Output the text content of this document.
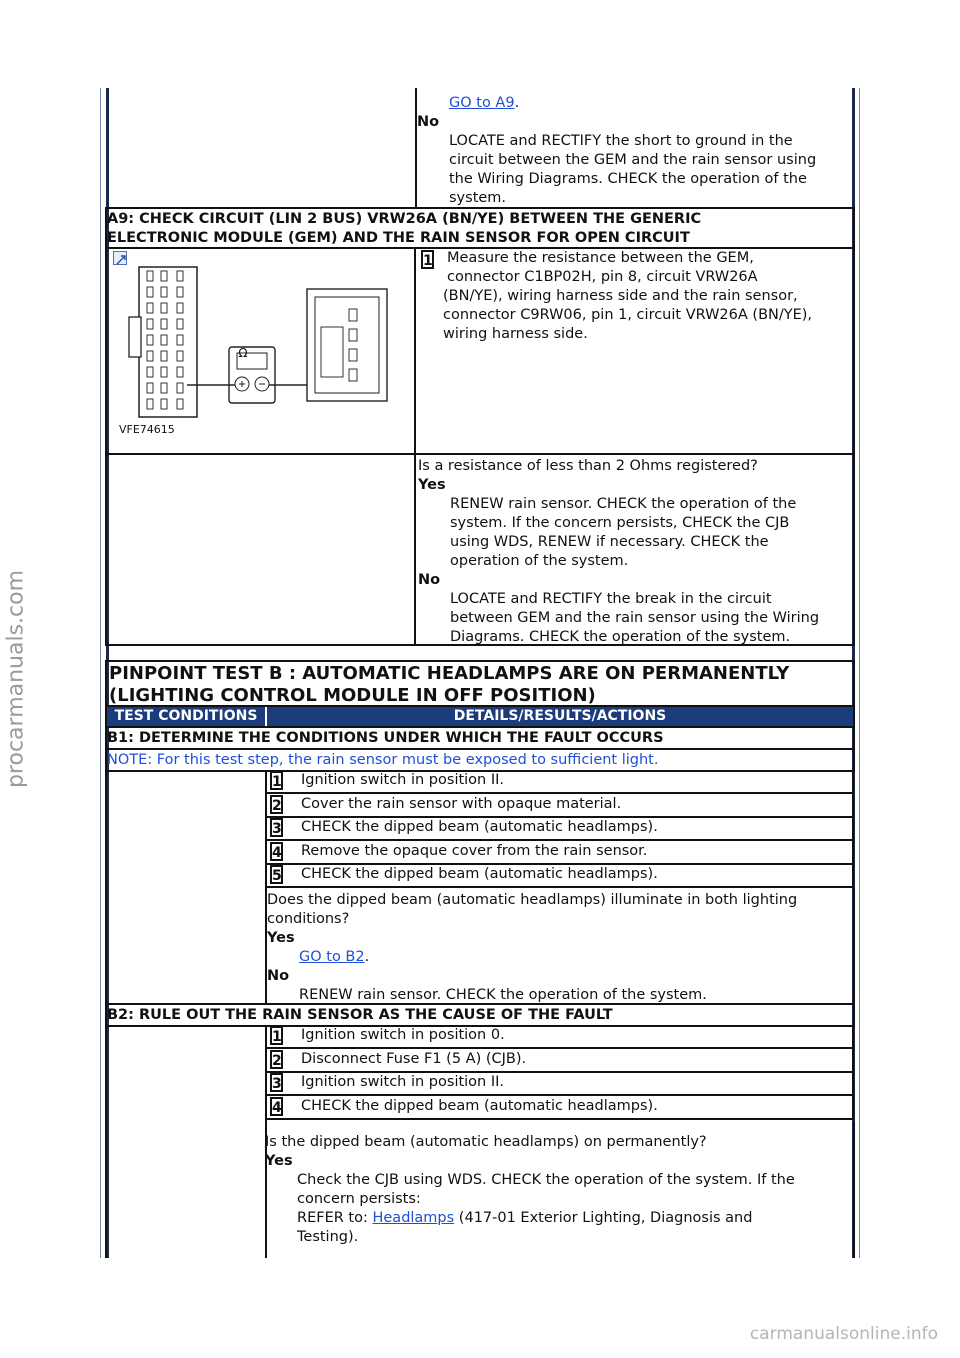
procarmanuals.com
GO to A9.
No
LOCATE and RECTIFY the short to ground in the
circuit between the GEM and the rain sensor using
the Wiring Diagrams. CHECK the operation of the
system.
A9: CHECK CIRCUIT (LIN 2 BUS) VRW26A (BN/YE) BETWEEN THE GENERIC
ELECTRONIC MODULE (GEM) AND THE RAIN SENSOR FOR OPEN CIRCUIT
VFE74615
Ω
1 Measure the resistance between the GEM,
connector C1BP02H, pin 8, circuit VRW26A
(BN/YE), wiring harness side and the rain sensor,
connector C9RW06, pin 1, circuit VRW26A (BN/YE),
wiring harness side.
Is a resistance of less than 2 Ohms registered?
Yes
RENEW rain sensor. CHECK the operation of the
system. If the concern persists, CHECK the CJB
using WDS, RENEW if necessary. CHECK the
operation of the system.
No
LOCATE and RECTIFY the break in the circuit
between GEM and the rain sensor using the Wiring
Diagrams. CHECK the operation of the system.
PINPOINT TEST B : AUTOMATIC HEADLAMPS ARE ON PERMANENTLY
(LIGHTING CONTROL MODULE IN OFF POSITION)
TEST CONDITIONS	DETAILS/RESULTS/ACTIONS
B1: DETERMINE THE CONDITIONS UNDER WHICH THE FAULT OCCURS
NOTE: For this test step, the rain sensor must be exposed to sufficient light.
1 Ignition switch in position II.
2 Cover the rain sensor with opaque material.
3 CHECK the dipped beam (automatic headlamps).
4 Remove the opaque cover from the rain sensor.
5 CHECK the dipped beam (automatic headlamps).
Does the dipped beam (automatic headlamps) illuminate in both lighting
conditions?
Yes
GO to B2.
No
RENEW rain sensor. CHECK the operation of the system.
B2: RULE OUT THE RAIN SENSOR AS THE CAUSE OF THE FAULT
1 Ignition switch in position 0.
2 Disconnect Fuse F1 (5 A) (CJB).
3 Ignition switch in position II.
4 CHECK the dipped beam (automatic headlamps).
Is the dipped beam (automatic headlamps) on permanently?
Yes
Check the CJB using WDS. CHECK the operation of the system. If the
concern persists:
REFER to: Headlamps (417-01 Exterior Lighting, Diagnosis and
Testing).
carmanualsonline.info
